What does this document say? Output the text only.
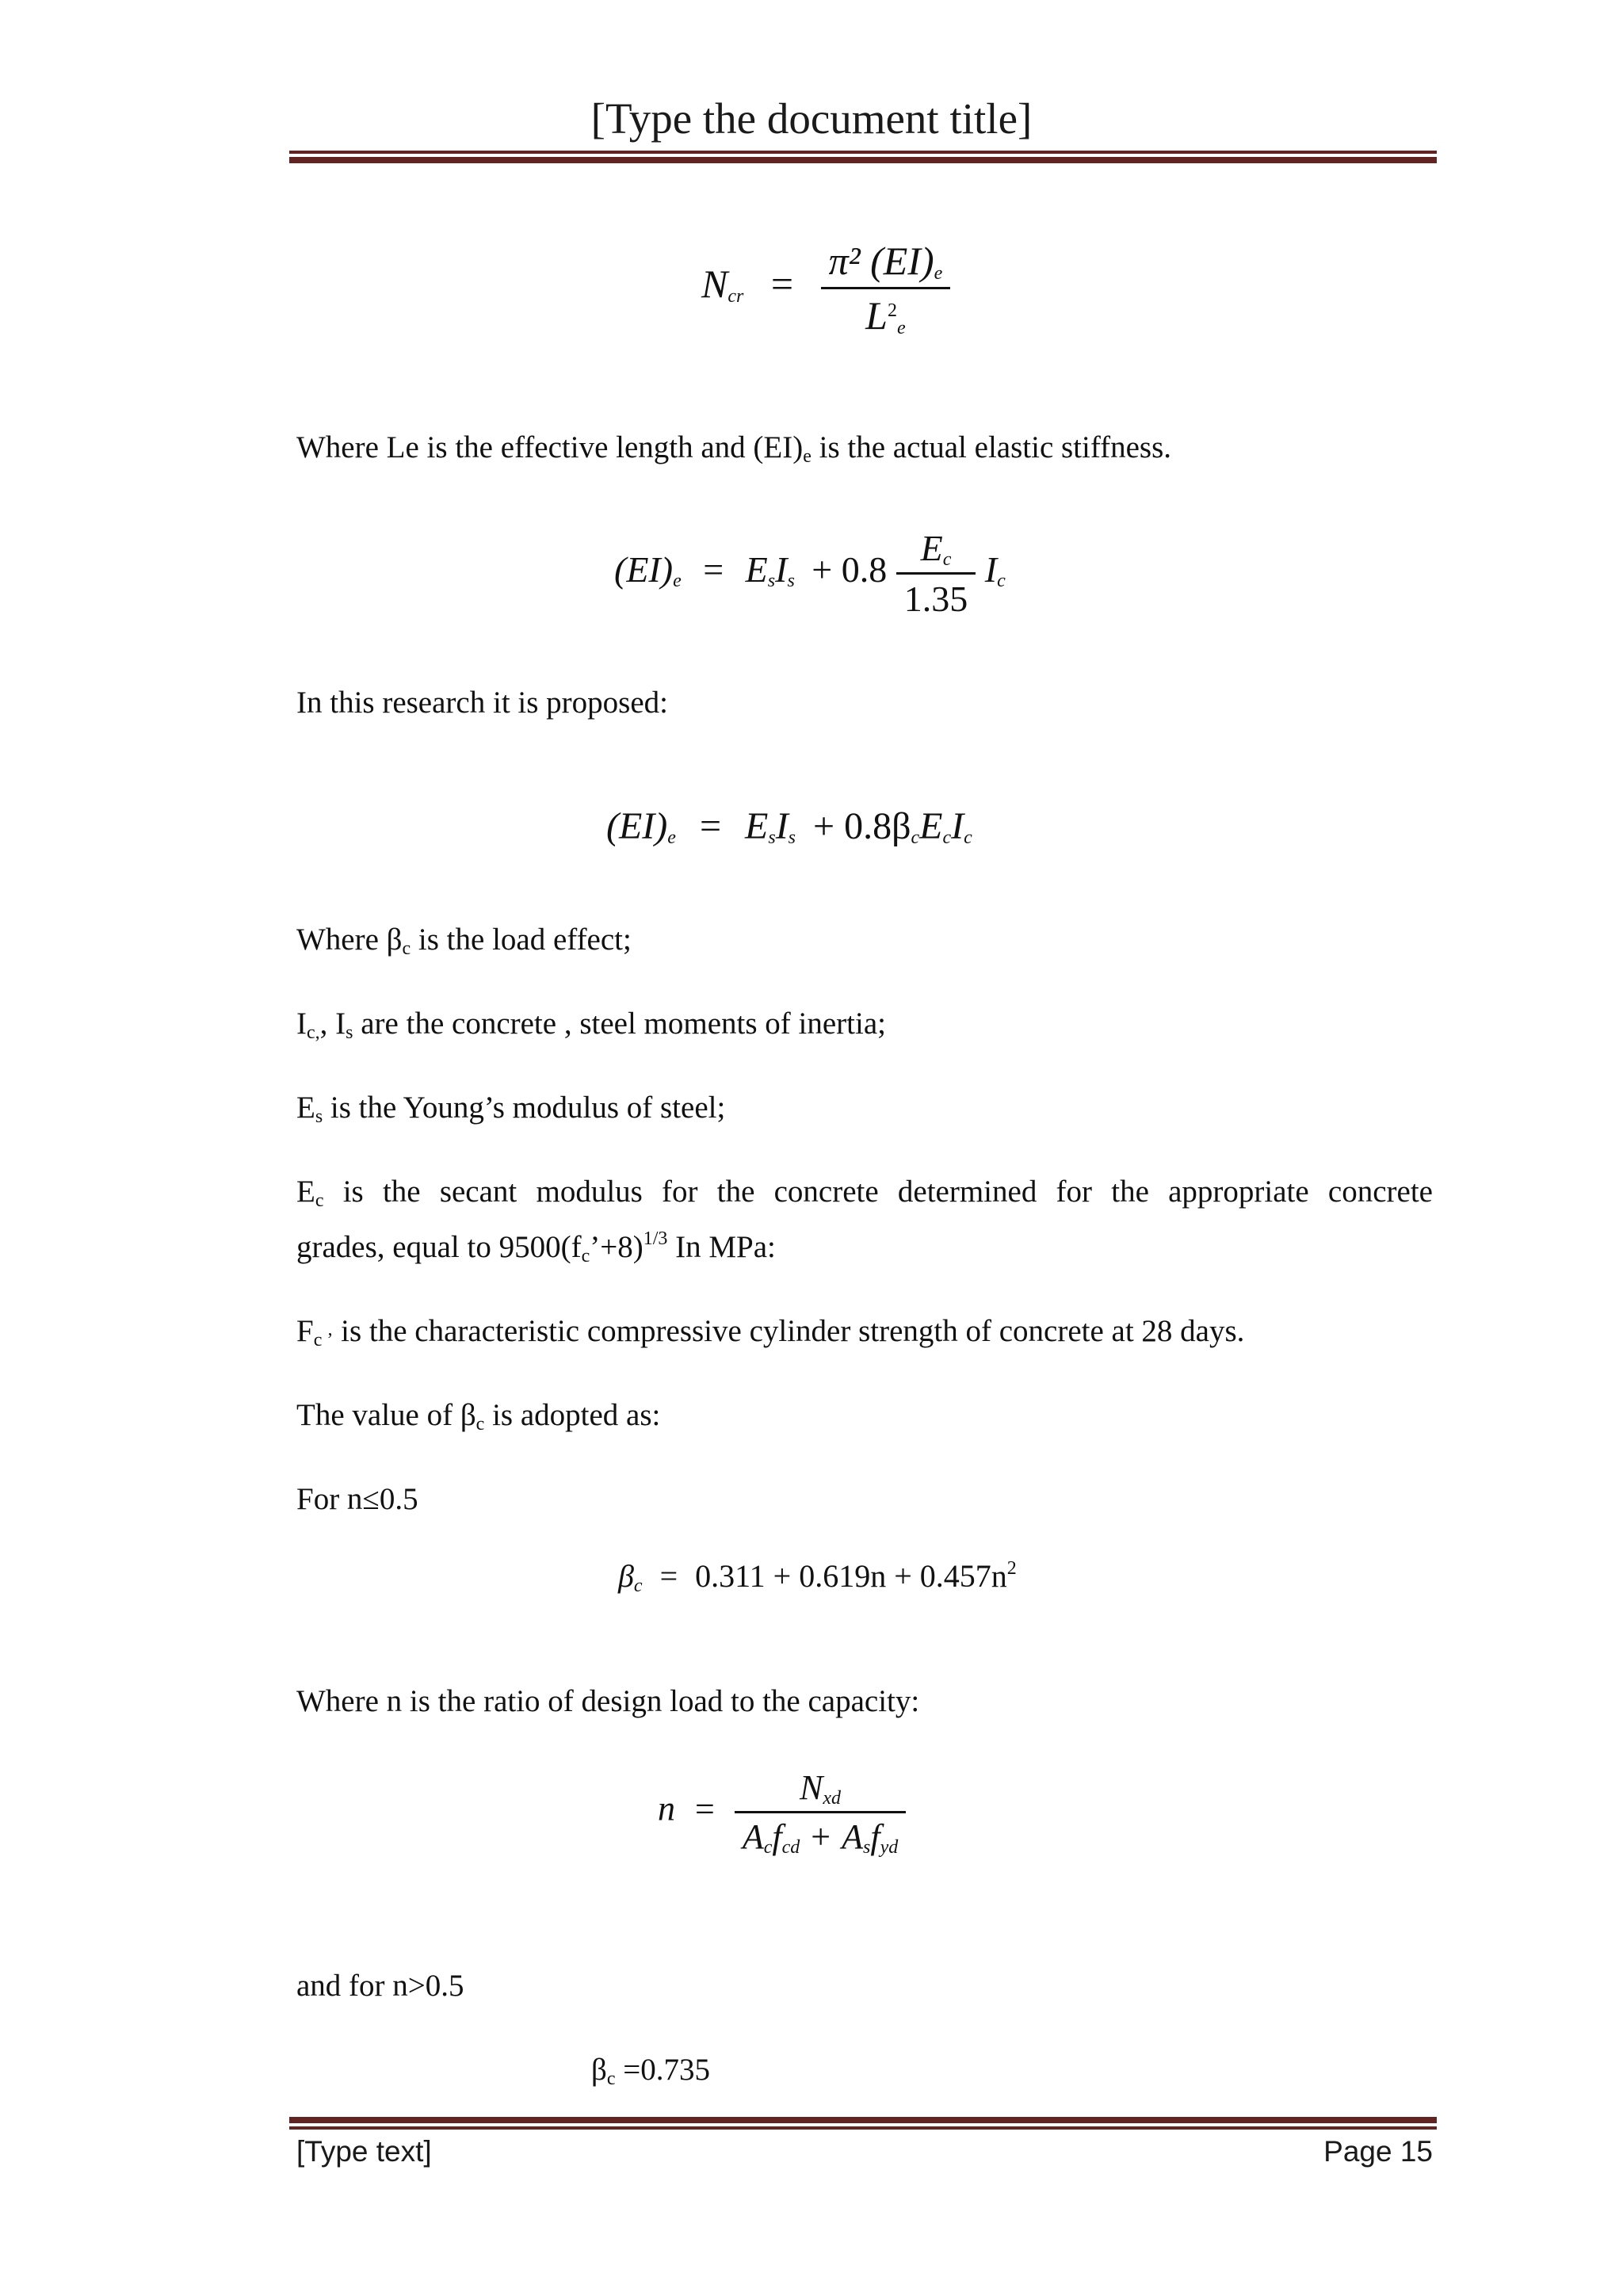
[Type the document title]
$N_{cr} = \frac{\pi^2 (EI)_e}{L^2_e}$
Where Le is the effective length and $(EI)_e$ is the actual elastic stiffness.
$(EI)_e = E_sI_s + 0.8 \frac{E_c}{1.35} I_c$
In this research it is proposed:
$(EI)_e = E_sI_s + 0.8\beta_cE_cI_c$
Where $\beta_c$ is the load effect;
$I_{c,}$, $I_s$ are the concrete , steel moments of inertia;
$E_s$ is the Young’s modulus of steel;
$E_c$ is the secant modulus for the concrete determined for the appropriate concrete
grades, equal to $9500(f_c’+8)^{1/3}$ In MPa:
$F_{c ’}$ is the characteristic compressive cylinder strength of concrete at 28 days.
The value of $\beta_c$ is adopted as:
For n≤0.5
$\beta_c = 0.311 + 0.619n + 0.457n^2$
Where n is the ratio of design load to the capacity:
$n = \frac{N_{xd}}{A_cf_{cd} + A_sf_{yd}}$
and for n>0.5
$\beta_c =0.735$
[Type text]	Page 15
